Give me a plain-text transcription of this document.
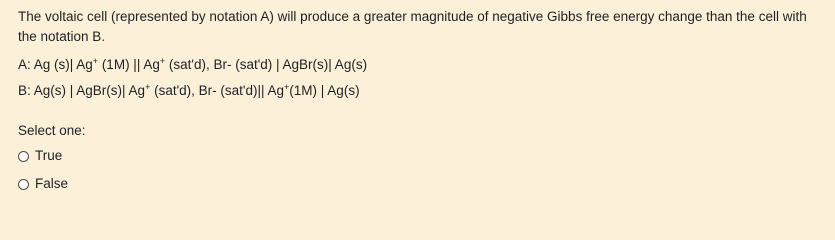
The voltaic cell (represented by notation A) will produce a greater magnitude of negative Gibbs free energy change than the cell with the notation B.

A: Ag (s)| Ag+ (1M) || Ag+ (sat'd), Br- (sat'd) | AgBr(s)| Ag(s)
B: Ag(s) | AgBr(s)| Ag+ (sat'd), Br- (sat'd)|| Ag+(1M) | Ag(s)
Select one:
True
False
